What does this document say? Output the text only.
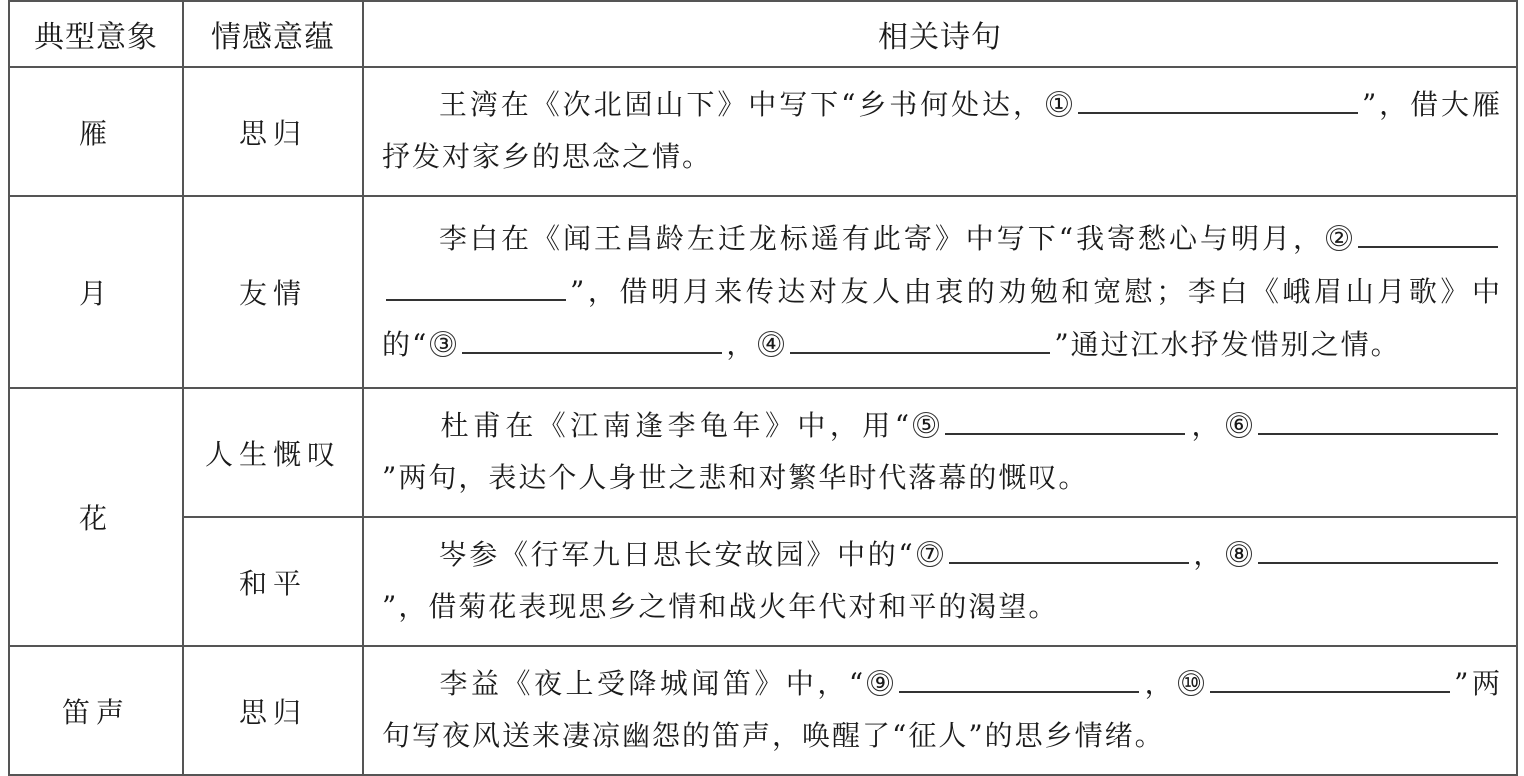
典型意象	情感意蕴	相关诗句
雁	思归	王湾在《次北固山下》中写下“乡书何处达， ① ”，借大雁抒发对家乡的思念之情。
月	友情	李白在《闻王昌龄左迁龙标遥有此寄》中写下“我寄愁心与明月， ②”，借明月来传达对友人由衷的劝勉和宽慰；李白《峨眉山月歌》中的“ ③ ， ④ ”通过江水抒发惜别之情。
花	人生慨叹	杜甫在《江南逢李龟年》中，用“ ⑤ ， ⑥”两句，表达个人身世之悲和对繁华时代落幕的慨叹。
	和平	岑参《行军九日思长安故园》中的“ ⑦ ， ⑧”，借菊花表现思乡之情和战火年代对和平的渴望。
笛声	思归	李益《夜上受降城闻笛》中，“ ⑨ ， ⑩ ”两句写夜风送来凄凉幽怨的笛声，唤醒了“征人”的思乡情绪。
